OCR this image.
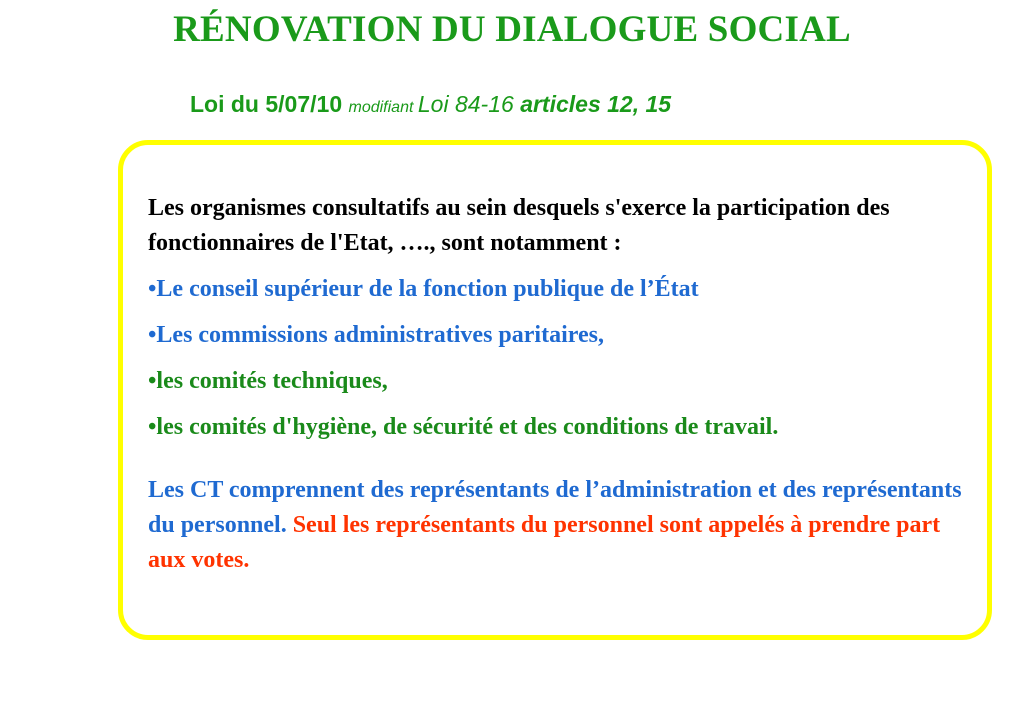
RÉNOVATION DU DIALOGUE SOCIAL
Loi du 5/07/10 modifiant Loi 84-16 articles 12, 15

Les organismes consultatifs au sein desquels s'exerce la participation des fonctionnaires de l'Etat, …., sont notamment :

•Le conseil supérieur de la fonction publique de l’État

•Les commissions administratives paritaires,

•les comités techniques,

•les comités d'hygiène, de sécurité et des conditions de travail.

Les CT comprennent des représentants de l’administration et des représentants du personnel. Seul les représentants du personnel sont appelés à prendre part aux votes.
